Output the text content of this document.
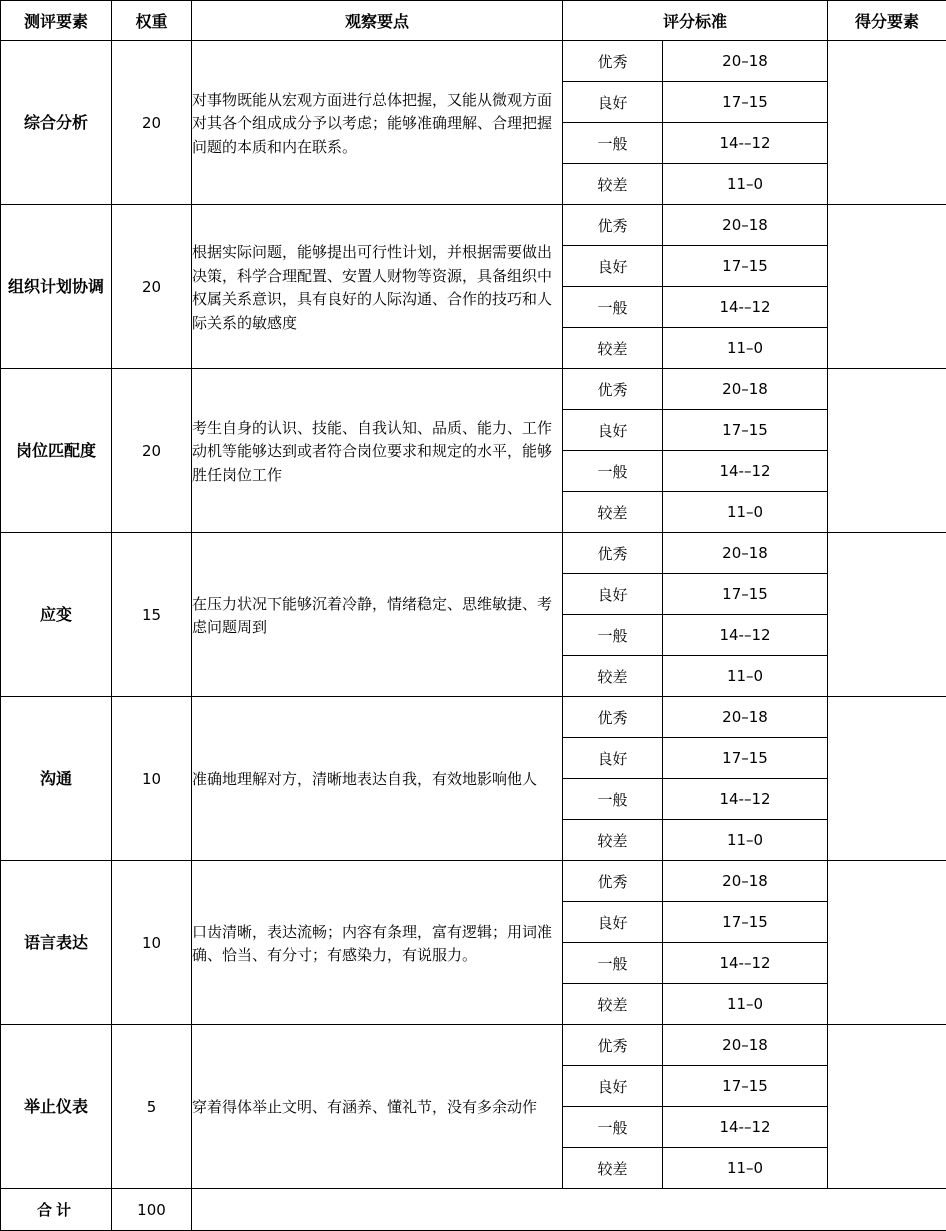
测评要素	权重	观察要点	评分标准		得分要素
综合分析	20	对事物既能从宏观方面进行总体把握，又能从微观方面对其各个组成成分予以考虑；能够准确理解、合理把握问题的本质和内在联系。	优秀	20–18	
			良好	17–15	
			一般	14-–12	
			较差	11–0	
组织计划协调	20	根据实际问题，能够提出可行性计划，并根据需要做出决策，科学合理配置、安置人财物等资源，具备组织中权属关系意识，具有良好的人际沟通、合作的技巧和人际关系的敏感度	优秀	20–18	
			良好	17–15	
			一般	14-–12	
			较差	11–0	
岗位匹配度	20	考生自身的认识、技能、自我认知、品质、能力、工作动机等能够达到或者符合岗位要求和规定的水平，能够胜任岗位工作	优秀	20–18	
			良好	17–15	
			一般	14-–12	
			较差	11–0	
应变	15	在压力状况下能够沉着冷静，情绪稳定、思维敏捷、考虑问题周到	优秀	20–18	
			良好	17–15	
			一般	14-–12	
			较差	11–0	
沟通	10	准确地理解对方，清晰地表达自我，有效地影响他人	优秀	20–18	
			良好	17–15	
			一般	14-–12	
			较差	11–0	
语言表达	10	口齿清晰，表达流畅；内容有条理，富有逻辑；用词准确、恰当、有分寸；有感染力，有说服力。	优秀	20–18	
			良好	17–15	
			一般	14-–12	
			较差	11–0	
举止仪表	5	穿着得体举止文明、有涵养、懂礼节，没有多余动作	优秀	20–18	
			良好	17–15	
			一般	14-–12	
			较差	11–0	
合计	100				
